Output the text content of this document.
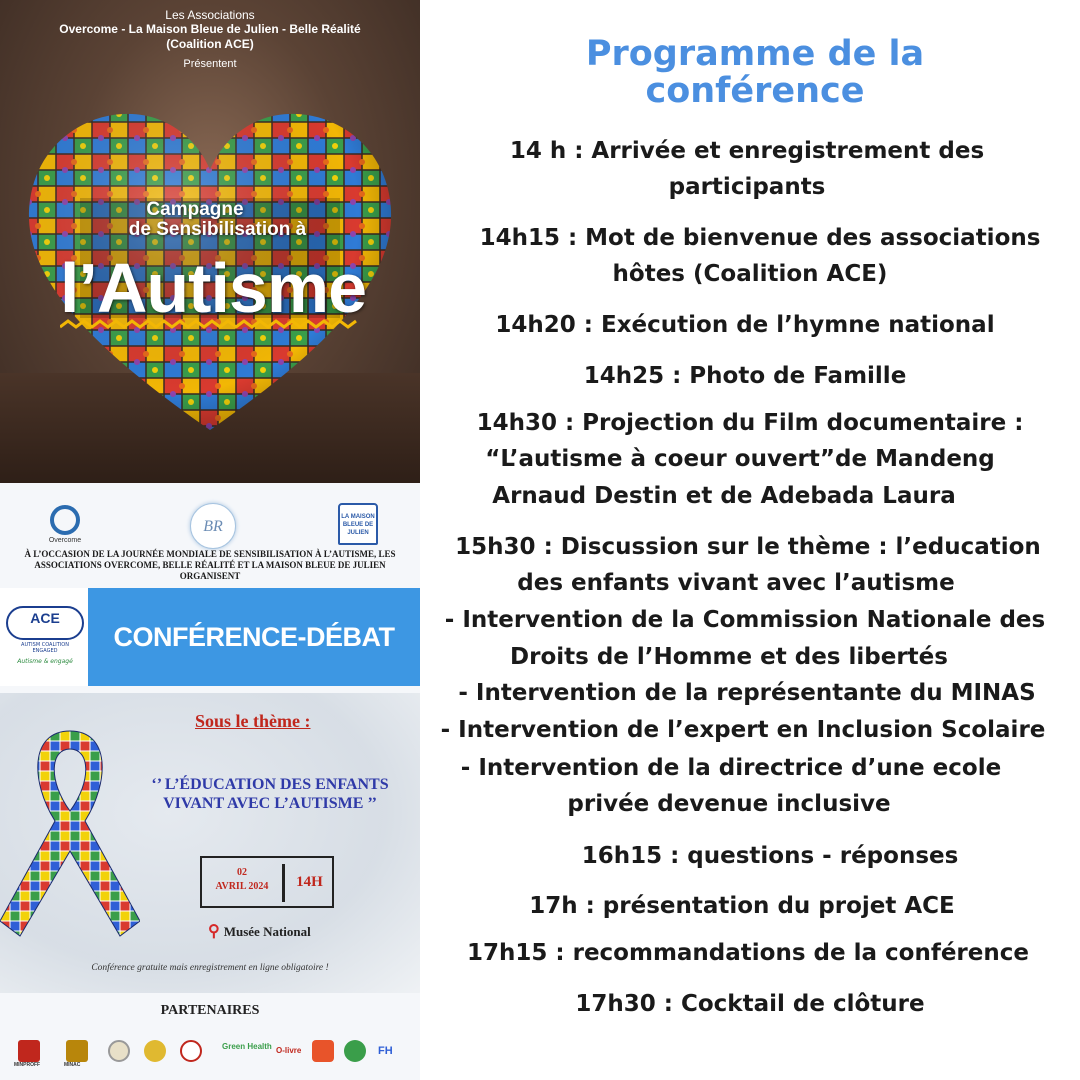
Les Associations
Overcome - La Maison Bleue de Julien - Belle Réalité
(Coalition ACE)
Présentent
Campagne
de Sensibilisation à
l’Autisme
Overcome
BR
LA MAISON BLEUE DE JULIEN
À L’OCCASION DE LA JOURNÉE MONDIALE DE SENSIBILISATION À L’AUTISME, LES ASSOCIATIONS OVERCOME, BELLE RÉALITÉ ET LA MAISON BLEUE DE JULIEN ORGANISENT
ACE
AUTISM COALITION ENGAGED
Autisme & engagé
CONFÉRENCE-DÉBAT
Sous le thème :
‘’ L’ÉDUCATION DES ENFANTS VIVANT AVEC L’AUTISME ’’
02
AVRIL 2024	14H
⚲ Musée National
Conférence gratuite mais enregistrement en ligne obligatoire !
PARTENAIRES
MINPROFF	MINAC
Green Health O-livre	FH
Programme de la
conférence
14 h : Arrivée et enregistrement des
participants
14h15 : Mot de bienvenue des associations
hôtes (Coalition ACE)
14h20 : Exécution de l’hymne national
14h25 : Photo de Famille
14h30 : Projection du Film documentaire :
“L’autisme à coeur ouvert”de Mandeng
Arnaud Destin et de Adebada Laura
15h30 : Discussion sur le thème : l’education
des enfants vivant avec l’autisme
- Intervention de la Commission Nationale des
Droits de l’Homme et des libertés
- Intervention de la représentante du MINAS
- Intervention de l’expert en Inclusion Scolaire
- Intervention de la directrice d’une ecole
privée devenue inclusive
16h15 : questions - réponses
17h : présentation du projet ACE
17h15 : recommandations de la conférence
17h30 : Cocktail de clôture
